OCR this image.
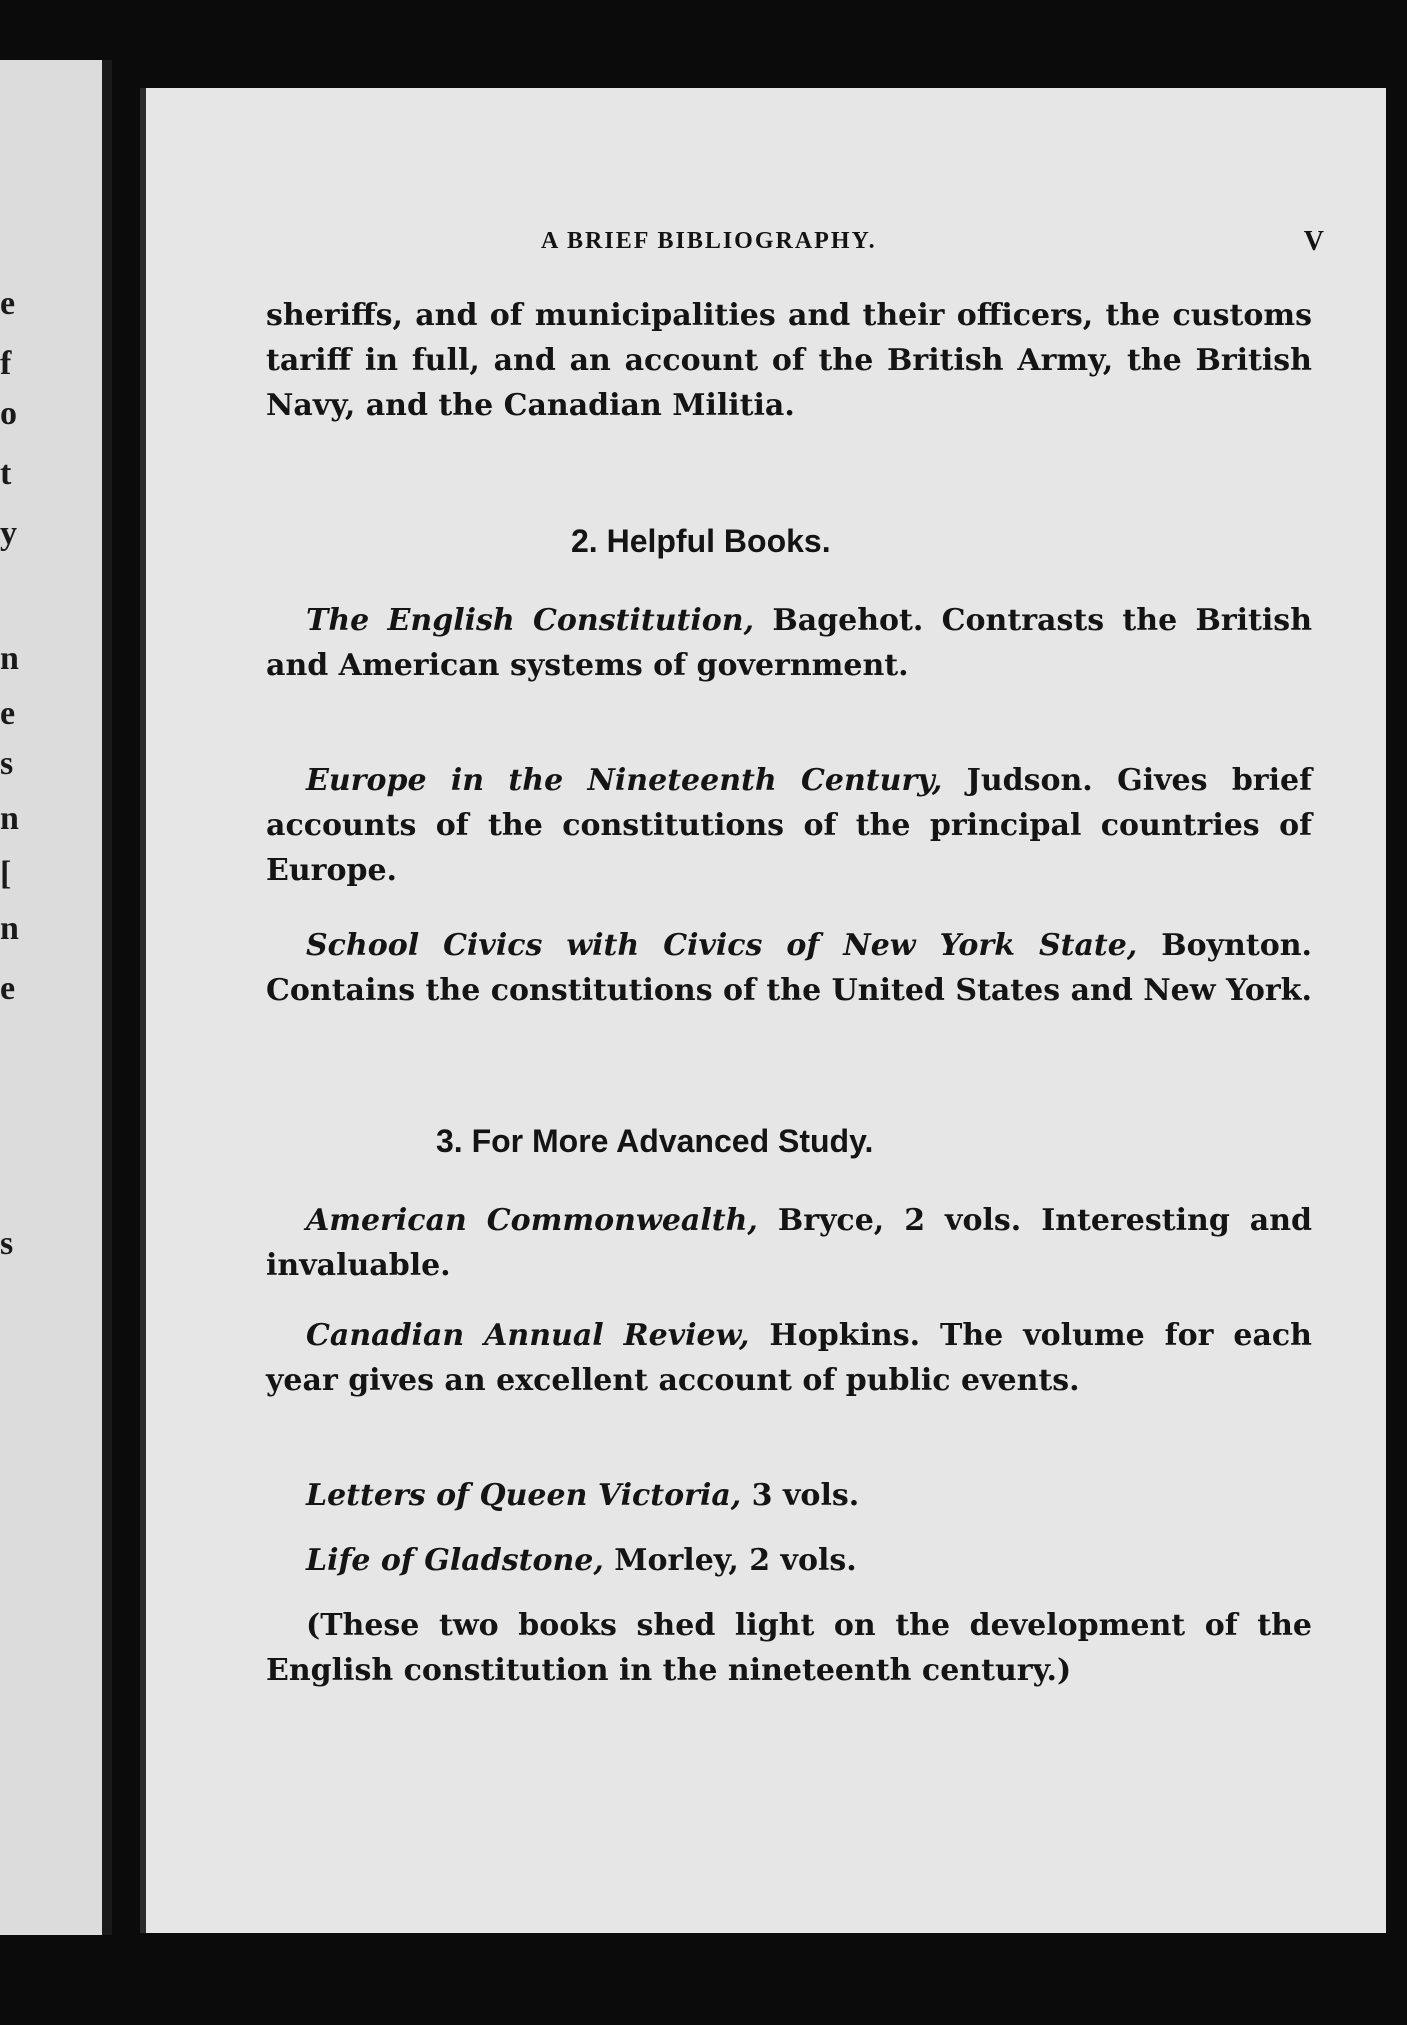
e
f
o
t
y
n
e
s
n
[
n
e
s
A BRIEF BIBLIOGRAPHY.	V
sheriffs, and of municipalities and their officers, the customs tariff in full, and an account of the British Army, the British Navy, and the Canadian Militia.
2. Helpful Books.
The English Constitution, Bagehot. Contrasts the British and American systems of government.
Europe in the Nineteenth Century, Judson. Gives brief accounts of the constitutions of the principal countries of Europe.
School Civics with Civics of New York State, Boynton. Contains the constitutions of the United States and New York.
3. For More Advanced Study.
American Commonwealth, Bryce, 2 vols. Interesting and invaluable.
Canadian Annual Review, Hopkins. The volume for each year gives an excellent account of public events.
Letters of Queen Victoria, 3 vols.
Life of Gladstone, Morley, 2 vols.
(These two books shed light on the development of the English constitution in the nineteenth century.)
